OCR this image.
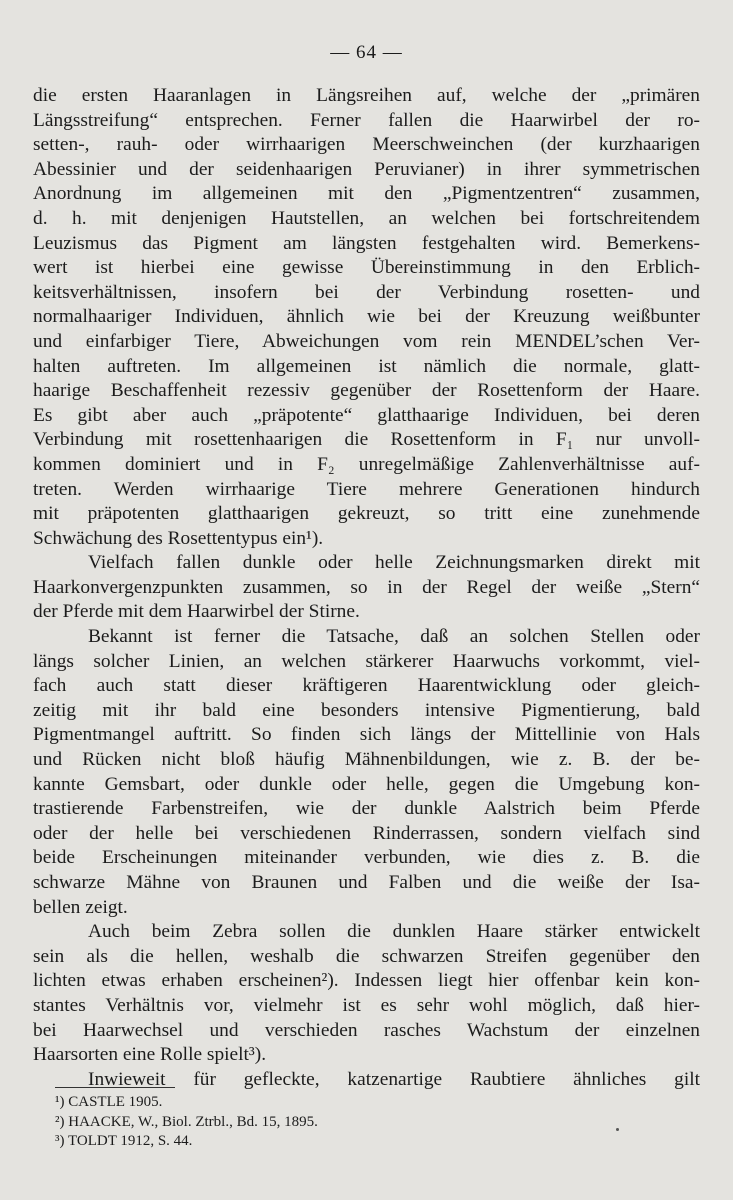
— 64 —
die ersten Haaranlagen in Längsreihen auf, welche der „primären
Längsstreifung“ entsprechen. Ferner fallen die Haarwirbel der ro-
setten-, rauh- oder wirrhaarigen Meerschweinchen (der kurzhaarigen
Abessinier und der seidenhaarigen Peruvianer) in ihrer symmetrischen
Anordnung im allgemeinen mit den „Pigmentzentren“ zusammen,
d. h. mit denjenigen Hautstellen, an welchen bei fortschreitendem
Leuzismus das Pigment am längsten festgehalten wird. Bemerkens-
wert ist hierbei eine gewisse Übereinstimmung in den Erblich-
keitsverhältnissen, insofern bei der Verbindung rosetten- und
normalhaariger Individuen, ähnlich wie bei der Kreuzung weißbunter
und einfarbiger Tiere, Abweichungen vom rein MENDEL’schen Ver-
halten auftreten. Im allgemeinen ist nämlich die normale, glatt-
haarige Beschaffenheit rezessiv gegenüber der Rosettenform der Haare.
Es gibt aber auch „präpotente“ glatthaarige Individuen, bei deren
Verbindung mit rosettenhaarigen die Rosettenform in F₁ nur unvoll-
kommen dominiert und in F₂ unregelmäßige Zahlenverhältnisse auf-
treten. Werden wirrhaarige Tiere mehrere Generationen hindurch
mit präpotenten glatthaarigen gekreuzt, so tritt eine zunehmende
Schwächung des Rosettentypus ein¹).
Vielfach fallen dunkle oder helle Zeichnungsmarken direkt mit
Haarkonvergenzpunkten zusammen, so in der Regel der weiße „Stern“
der Pferde mit dem Haarwirbel der Stirne.
Bekannt ist ferner die Tatsache, daß an solchen Stellen oder
längs solcher Linien, an welchen stärkerer Haarwuchs vorkommt, viel-
fach auch statt dieser kräftigeren Haarentwicklung oder gleich-
zeitig mit ihr bald eine besonders intensive Pigmentierung, bald
Pigmentmangel auftritt. So finden sich längs der Mittellinie von Hals
und Rücken nicht bloß häufig Mähnenbildungen, wie z. B. der be-
kannte Gemsbart, oder dunkle oder helle, gegen die Umgebung kon-
trastierende Farbenstreifen, wie der dunkle Aalstrich beim Pferde
oder der helle bei verschiedenen Rinderrassen, sondern vielfach sind
beide Erscheinungen miteinander verbunden, wie dies z. B. die
schwarze Mähne von Braunen und Falben und die weiße der Isa-
bellen zeigt.
Auch beim Zebra sollen die dunklen Haare stärker entwickelt
sein als die hellen, weshalb die schwarzen Streifen gegenüber den
lichten etwas erhaben erscheinen²). Indessen liegt hier offenbar kein kon-
stantes Verhältnis vor, vielmehr ist es sehr wohl möglich, daß hier-
bei Haarwechsel und verschieden rasches Wachstum der einzelnen
Haarsorten eine Rolle spielt³).
Inwieweit für gefleckte, katzenartige Raubtiere ähnliches gilt
¹) CASTLE 1905.
²) HAACKE, W., Biol. Ztrbl., Bd. 15, 1895.
³) TOLDT 1912, S. 44.
